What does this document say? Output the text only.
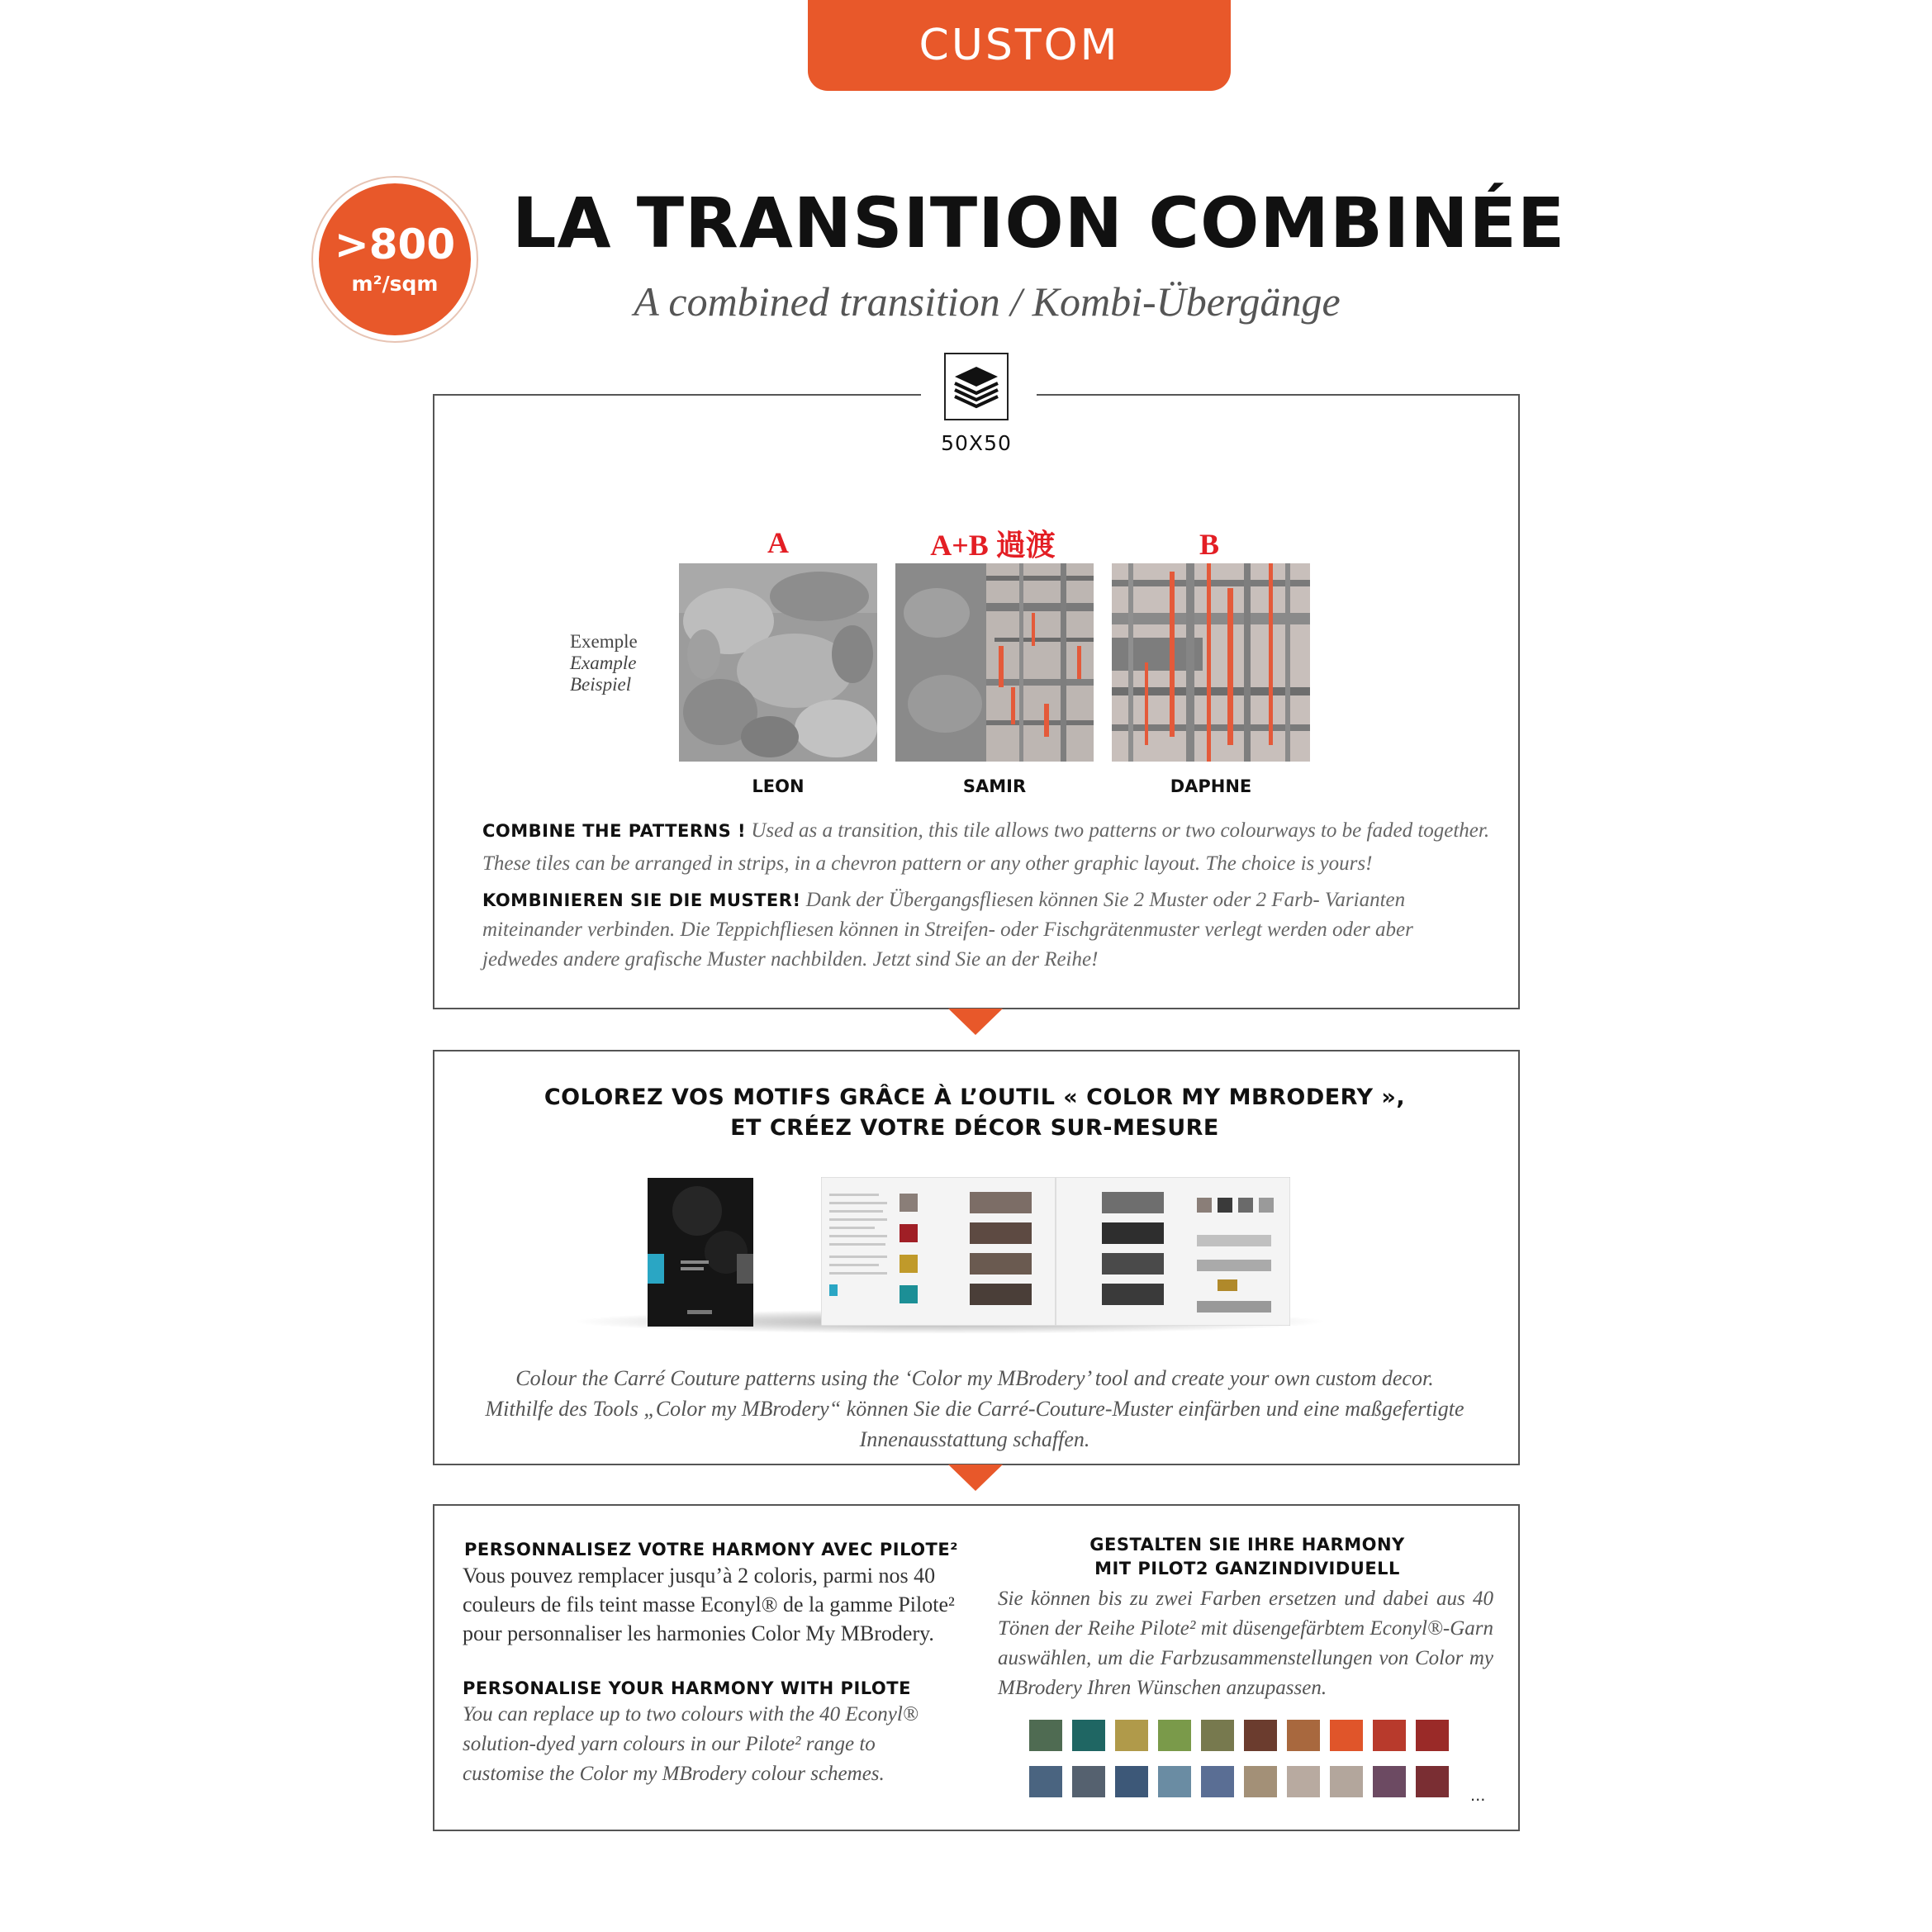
CUSTOM
>800
m²/sqm
LA TRANSITION COMBINÉE
A combined transition / Kombi-Übergänge
50X50
Exemple
Example
Beispiel
A	A+B 過渡	B
LEON	SAMIR	DAPHNE
COMBINE THE PATTERNS ! Used as a transition, this tile allows two patterns or two colourways to be faded together.
These tiles can be arranged in strips, in a chevron pattern or any other graphic layout. The choice is yours!
KOMBINIEREN SIE DIE MUSTER! Dank der Übergangsfliesen können Sie 2 Muster oder 2 Farb- Varianten miteinander verbinden. Die Teppichfliesen können in Streifen- oder Fischgrätenmuster verlegt werden oder aber jedwedes andere grafische Muster nachbilden. Jetzt sind Sie an der Reihe!
COLOREZ VOS MOTIFS GRÂCE À L’OUTIL « COLOR MY MBRODERY »,
ET CRÉEZ VOTRE DÉCOR SUR-MESURE
Colour the Carré Couture patterns using the ‘Color my MBrodery’ tool and create your own custom decor.
Mithilfe des Tools „Color my MBrodery“ können Sie die Carré-Couture-Muster einfärben und eine maßgefertigte
Innenausstattung schaffen.
PERSONNALISEZ VOTRE HARMONY AVEC PILOTE²
Vous pouvez remplacer jusqu’à 2 coloris, parmi nos 40 couleurs de fils teint masse Econyl® de la gamme Pilote² pour personnaliser les harmonies Color My MBrodery.
PERSONALISE YOUR HARMONY WITH PILOTE
You can replace up to two colours with the 40 Econyl® solution-dyed yarn colours in our Pilote² range to customise the Color my MBrodery colour schemes.
GESTALTEN SIE IHRE HARMONY
MIT PILOT2 GANZINDIVIDUELL
Sie können bis zu zwei Farben ersetzen und dabei aus 40 Tönen der Reihe Pilote² mit düsengefärbtem Econyl®-Garn auswählen, um die Farbzusammenstellungen von Color my MBrodery Ihren Wünschen anzupassen.
...
